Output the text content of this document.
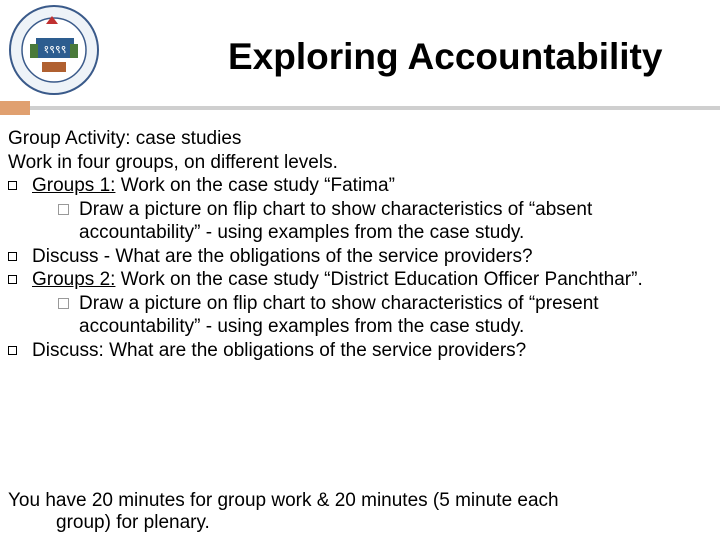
१९९९	Exploring Accountability
Group Activity: case studies
Work in four groups, on different levels.
Groups 1: Work on the case study “Fatima”
Draw a picture on flip chart to show characteristics of “absent accountability” - using examples from the case study.
Discuss - What are the obligations of the service providers?
Groups 2: Work on the case study “District Education Officer Panchthar”.
Draw a picture on flip chart to show characteristics of “present accountability” - using examples from the case study.
Discuss: What are the obligations of the service providers?
You have 20 minutes for group work & 20 minutes (5 minute each
group) for plenary.
